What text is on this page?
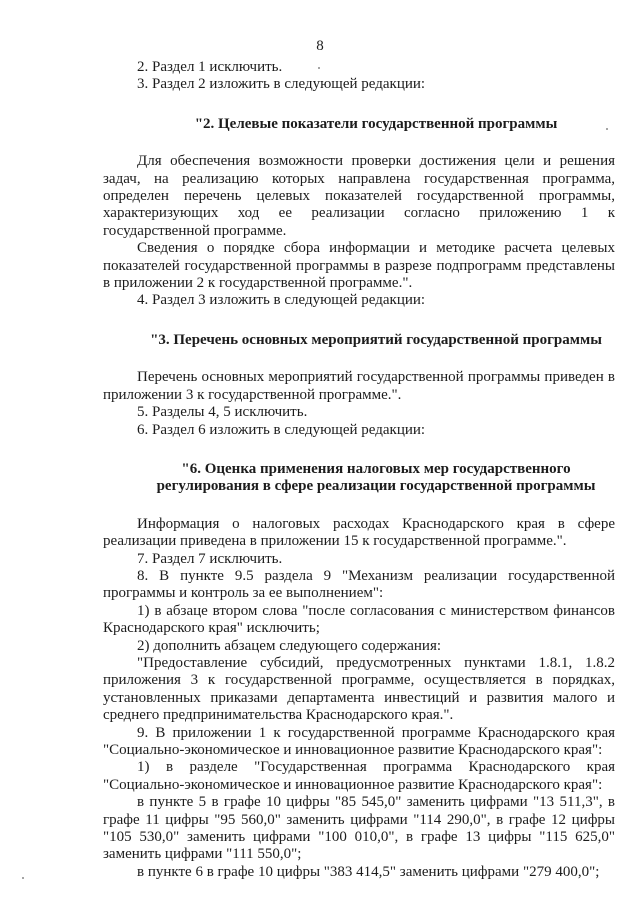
8

2. Раздел 1 исключить.

3. Раздел 2 изложить в следующей редакции:

"2. Целевые показатели государственной программы

Для обеспечения возможности проверки достижения цели и решения задач, на реализацию которых направлена государственная программа, определен перечень целевых показателей государственной программы, характеризующих ход ее реализации согласно приложению 1 к государственной программе.

Сведения о порядке сбора информации и методике расчета целевых показателей государственной программы в разрезе подпрограмм представлены в приложении 2 к государственной программе.".

4. Раздел 3 изложить в следующей редакции:

"3. Перечень основных мероприятий государственной программы

Перечень основных мероприятий государственной программы приведен в приложении 3 к государственной программе.".

5. Разделы 4, 5 исключить.

6. Раздел 6 изложить в следующей редакции:

"6. Оценка применения налоговых мер государственного

регулирования в сфере реализации государственной программы

Информация о налоговых расходах Краснодарского края в сфере реализации приведена в приложении 15 к государственной программе.".

7. Раздел 7 исключить.

8. В пункте 9.5 раздела 9 "Механизм реализации государственной программы и контроль за ее выполнением":

1) в абзаце втором слова "после согласования с министерством финансов Краснодарского края" исключить;

2) дополнить абзацем следующего содержания:

"Предоставление субсидий, предусмотренных пунктами 1.8.1, 1.8.2 приложения 3 к государственной программе, осуществляется в порядках, установленных приказами департамента инвестиций и развития малого и среднего предпринимательства Краснодарского края.".

9. В приложении 1 к государственной программе Краснодарского края "Социально-экономическое и инновационное развитие Краснодарского края":

1) в разделе "Государственная программа Краснодарского края "Социально-экономическое и инновационное развитие Краснодарского края":

в пункте 5 в графе 10 цифры "85 545,0" заменить цифрами "13 511,3", в графе 11 цифры "95 560,0" заменить цифрами "114 290,0", в графе 12 цифры "105 530,0" заменить цифрами "100 010,0", в графе 13 цифры "115 625,0" заменить цифрами "111 550,0";

в пункте 6 в графе 10 цифры "383 414,5" заменить цифрами "279 400,0";
